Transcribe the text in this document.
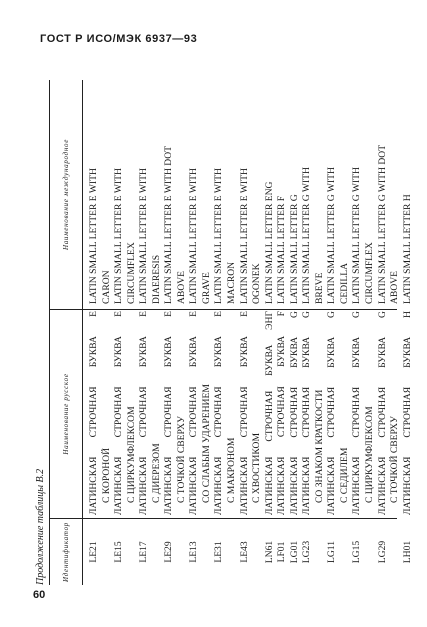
ГОСТ Р ИСО/МЭК 6937—93
Продолжение таблицы В.2	Идентификатор
Наименование русское
Наименование международное
LE21
ЛАТИНСКАЯ СТРОЧНАЯ БУКВА E С КОРОНОЙ
LATIN SMALL LETTER E WITH CARON
LE15
ЛАТИНСКАЯ СТРОЧНАЯ БУКВА E С ЦИРКУМФЛЕКСОМ
LATIN SMALL LETTER E WITH CIRCUMFLEX
LE17
ЛАТИНСКАЯ СТРОЧНАЯ БУКВА E С ДИЕРЕЗОМ
LATIN SMALL LETTER E WITH DIAERESIS
LE29
ЛАТИНСКАЯ СТРОЧНАЯ БУКВА E С ТОЧКОЙ СВЕРХУ
LATIN SMALL LETTER E WITH DOT ABOVE
LE13
ЛАТИНСКАЯ СТРОЧНАЯ БУКВА E СО СЛАБЫМ УДАРЕНИЕМ
LATIN SMALL LETTER E WITH GRAVE
LE31
ЛАТИНСКАЯ СТРОЧНАЯ БУКВА E С МАКРОНОМ
LATIN SMALL LETTER E WITH MACRON
LE43
ЛАТИНСКАЯ СТРОЧНАЯ БУКВА E С ХВОСТИКОМ
LATIN SMALL LETTER E WITH OGONEK
LN61
ЛАТИНСКАЯ СТРОЧНАЯ БУКВА ЭНГ
LATIN SMALL LETTER ENG
LF01
ЛАТИНСКАЯ СТРОЧНАЯ БУКВА F
LATIN SMALL LETTER F
LG01
ЛАТИНСКАЯ СТРОЧНАЯ БУКВА G
LATIN SMALL LETTER G
LG23
ЛАТИНСКАЯ СТРОЧНАЯ БУКВА G СО ЗНАКОМ КРАТКОСТИ
LATIN SMALL LETTER G WITH BREVE
LG11
ЛАТИНСКАЯ СТРОЧНАЯ БУКВА G С СЕДИЛЕМ
LATIN SMALL LETTER G WITH CEDILLA
LG15
ЛАТИНСКАЯ СТРОЧНАЯ БУКВА G С ЦИРКУМФЛЕКСОМ
LATIN SMALL LETTER G WITH CIRCUMFLEX
LG29
ЛАТИНСКАЯ СТРОЧНАЯ БУКВА G С ТОЧКОЙ СВЕРХУ
LATIN SMALL LETTER G WITH DOT ABOVE
LH01
ЛАТИНСКАЯ СТРОЧНАЯ БУКВА H
LATIN SMALL LETTER H
60
